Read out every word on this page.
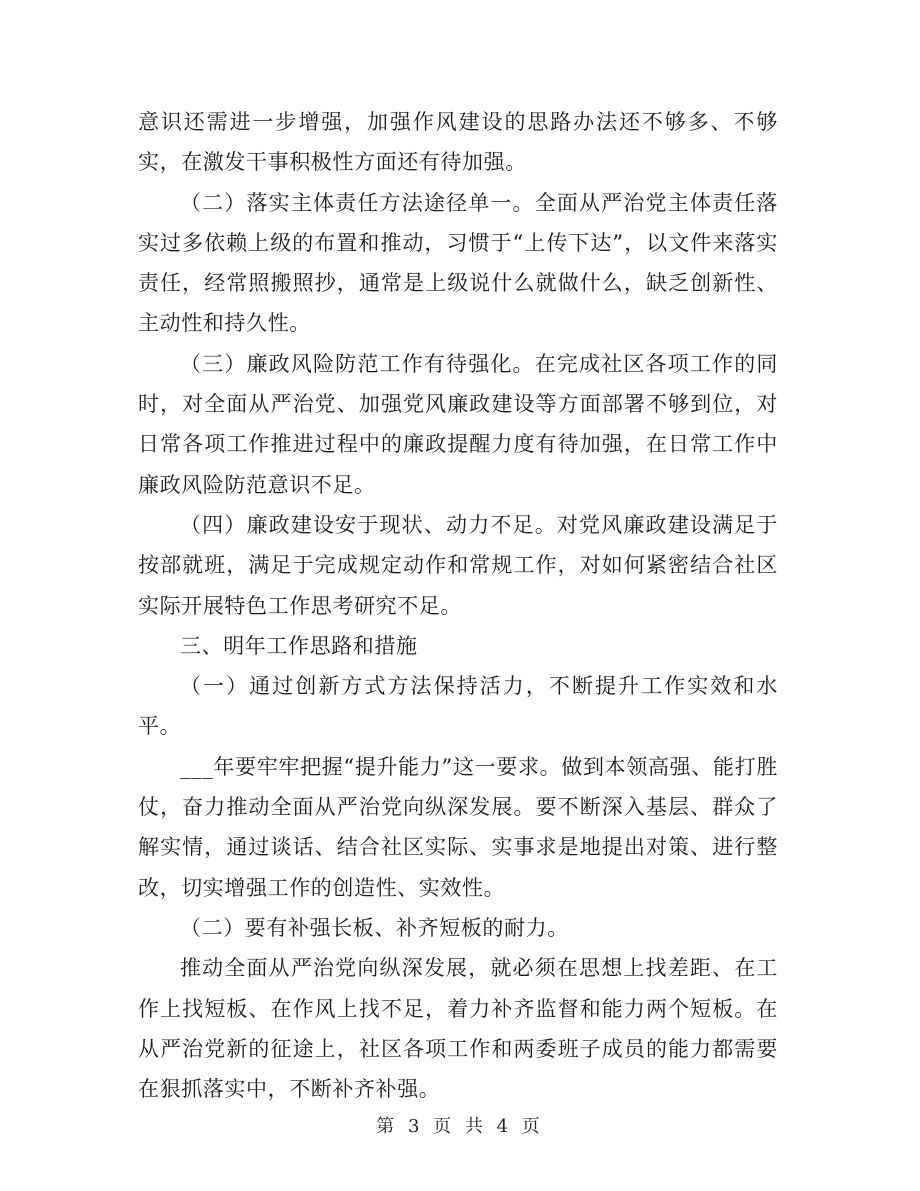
意识还需进一步增强，加强作风建设的思路办法还不够多、不够实，在激发干事积极性方面还有待加强。

（二）落实主体责任方法途径单一。全面从严治党主体责任落实过多依赖上级的布置和推动，习惯于“上传下达”，以文件来落实责任，经常照搬照抄，通常是上级说什么就做什么，缺乏创新性、主动性和持久性。

（三）廉政风险防范工作有待强化。在完成社区各项工作的同时，对全面从严治党、加强党风廉政建设等方面部署不够到位，对日常各项工作推进过程中的廉政提醒力度有待加强，在日常工作中廉政风险防范意识不足。

（四）廉政建设安于现状、动力不足。对党风廉政建设满足于按部就班，满足于完成规定动作和常规工作，对如何紧密结合社区实际开展特色工作思考研究不足。

三、明年工作思路和措施

（一）通过创新方式方法保持活力，不断提升工作实效和水平。

___年要牢牢把握“提升能力”这一要求。做到本领高强、能打胜仗，奋力推动全面从严治党向纵深发展。要不断深入基层、群众了解实情，通过谈话、结合社区实际、实事求是地提出对策、进行整改，切实增强工作的创造性、实效性。

（二）要有补强长板、补齐短板的耐力。

推动全面从严治党向纵深发展，就必须在思想上找差距、在工作上找短板、在作风上找不足，着力补齐监督和能力两个短板。在从严治党新的征途上，社区各项工作和两委班子成员的能力都需要在狠抓落实中，不断补齐补强。

第 3 页 共 4 页
